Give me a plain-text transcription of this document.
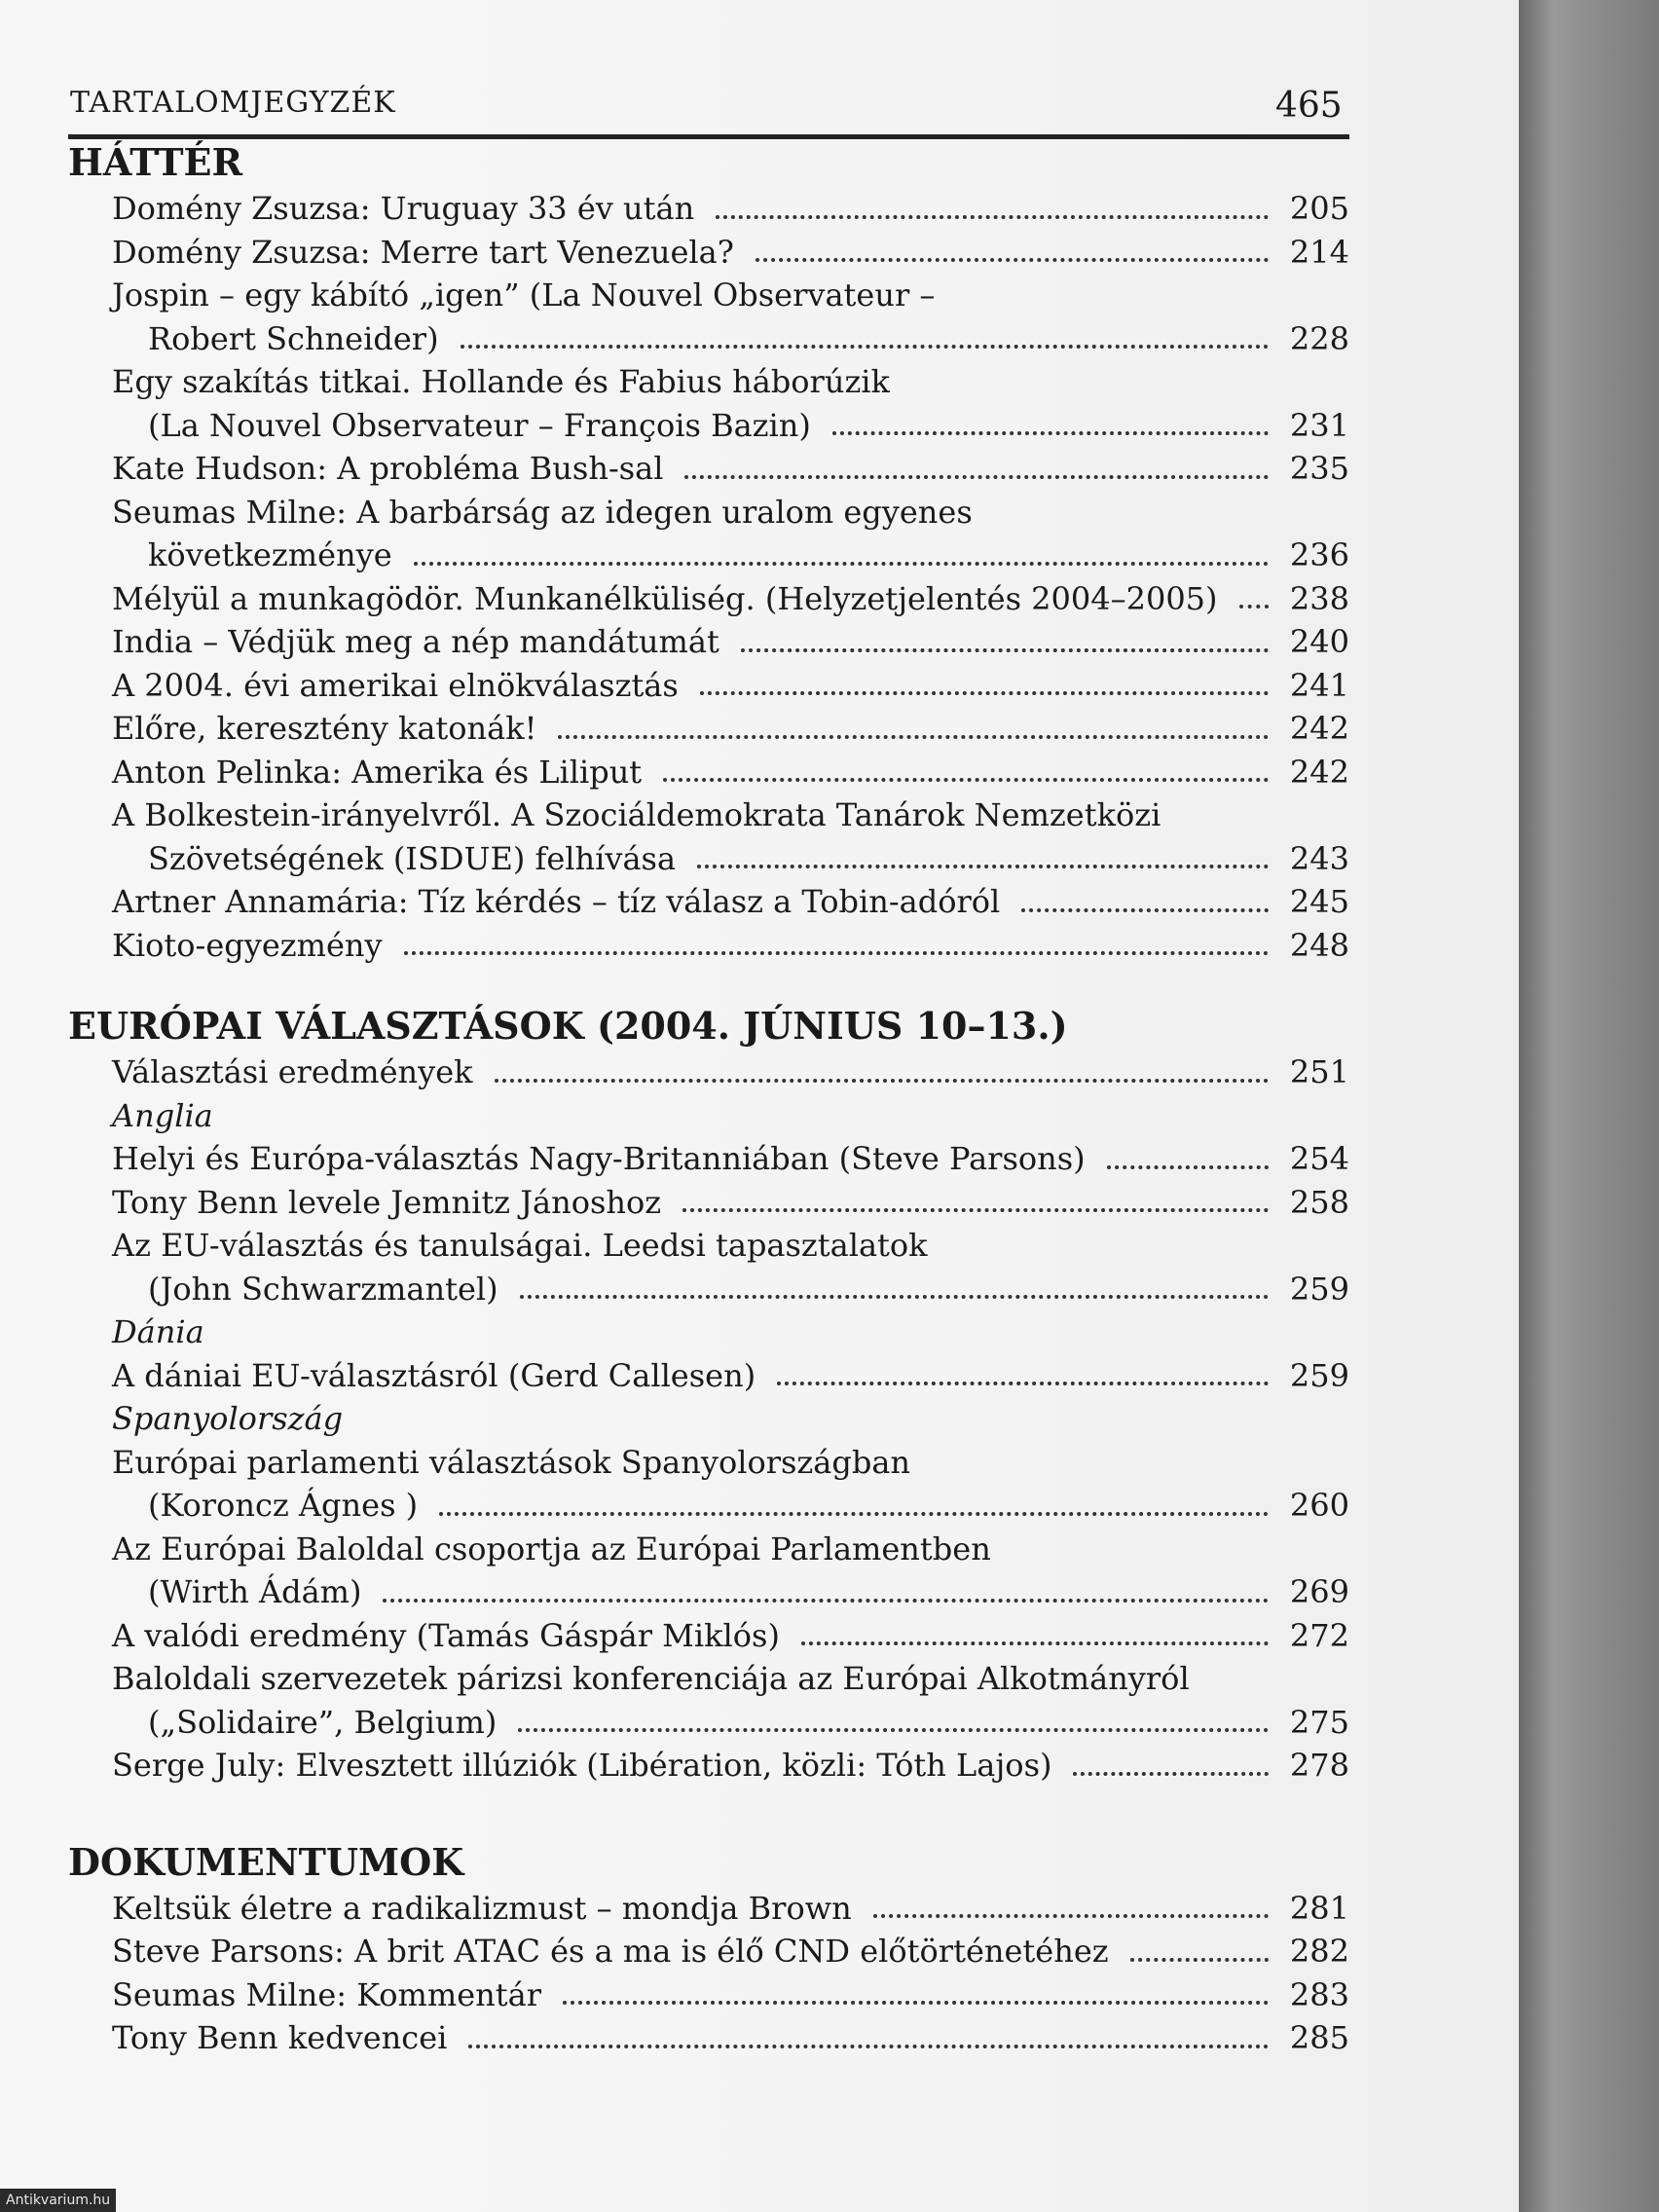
TARTALOMJEGYZÉK	465
HÁTTÉR
Domény Zsuzsa: Uruguay 33 év után	205
Domény Zsuzsa: Merre tart Venezuela?	214
Jospin – egy kábító „igen” (La Nouvel Observateur –
Robert Schneider)	228
Egy szakítás titkai. Hollande és Fabius háborúzik
(La Nouvel Observateur – François Bazin)	231
Kate Hudson: A probléma Bush-sal	235
Seumas Milne: A barbárság az idegen uralom egyenes
következménye	236
Mélyül a munkagödör. Munkanélküliség. (Helyzetjelentés 2004–2005) 238
India – Védjük meg a nép mandátumát	240
A 2004. évi amerikai elnökválasztás	241
Előre, keresztény katonák!	242
Anton Pelinka: Amerika és Liliput	242
A Bolkestein-irányelvről. A Szociáldemokrata Tanárok Nemzetközi
Szövetségének (ISDUE) felhívása	243
Artner Annamária: Tíz kérdés – tíz válasz a Tobin-adóról	245
Kioto-egyezmény	248
EURÓPAI VÁLASZTÁSOK (2004. JÚNIUS 10–13.)
Választási eredmények	251
Anglia
Helyi és Európa-választás Nagy-Britanniában (Steve Parsons)	254
Tony Benn levele Jemnitz Jánoshoz	258
Az EU-választás és tanulságai. Leedsi tapasztalatok
(John Schwarzmantel)	259
Dánia
A dániai EU-választásról (Gerd Callesen)	259
Spanyolország
Európai parlamenti választások Spanyolországban
(Koroncz Ágnes )	260
Az Európai Baloldal csoportja az Európai Parlamentben
(Wirth Ádám)	269
A valódi eredmény (Tamás Gáspár Miklós)	272
Baloldali szervezetek párizsi konferenciája az Európai Alkotmányról
(„Solidaire”, Belgium)	275
Serge July: Elvesztett illúziók (Libération, közli: Tóth Lajos)	278
DOKUMENTUMOK
Keltsük életre a radikalizmust – mondja Brown	281
Steve Parsons: A brit ATAC és a ma is élő CND előtörténetéhez	282
Seumas Milne: Kommentár	283
Tony Benn kedvencei	285
Antikvarium.hu
